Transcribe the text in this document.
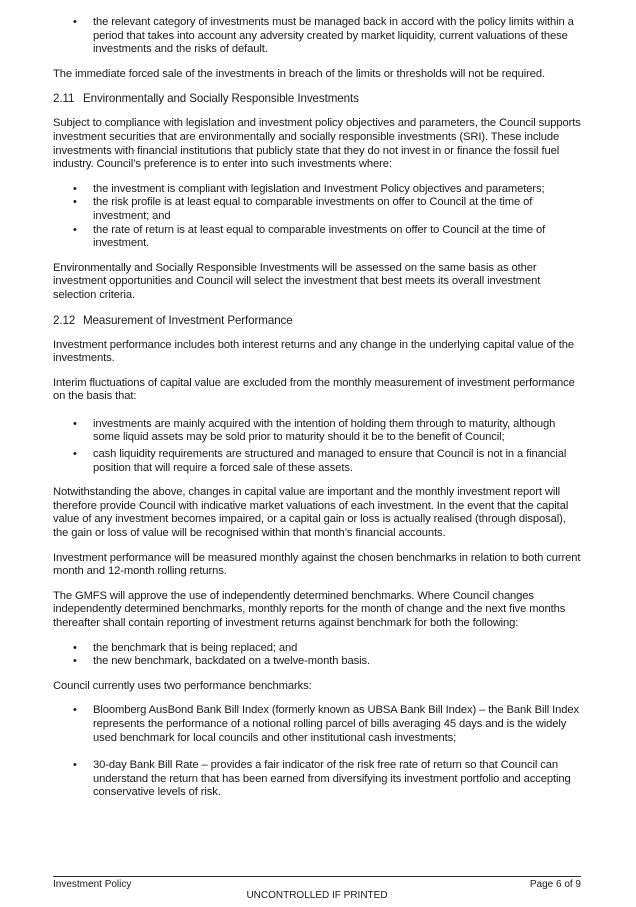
• the relevant category of investments must be managed back in accord with the policy limits within a period that takes into account any adversity created by market liquidity, current valuations of these investments and the risks of default.

The immediate forced sale of the investments in breach of the limits or thresholds will not be required.

2.11 Environmentally and Socially Responsible Investments

Subject to compliance with legislation and investment policy objectives and parameters, the Council supports investment securities that are environmentally and socially responsible investments (SRI). These include investments with financial institutions that publicly state that they do not invest in or finance the fossil fuel industry. Council’s preference is to enter into such investments where:

• the investment is compliant with legislation and Investment Policy objectives and parameters;
• the risk profile is at least equal to comparable investments on offer to Council at the time of investment; and
• the rate of return is at least equal to comparable investments on offer to Council at the time of investment.

Environmentally and Socially Responsible Investments will be assessed on the same basis as other investment opportunities and Council will select the investment that best meets its overall investment selection criteria.

2.12 Measurement of Investment Performance

Investment performance includes both interest returns and any change in the underlying capital value of the investments.

Interim fluctuations of capital value are excluded from the monthly measurement of investment performance on the basis that:

• investments are mainly acquired with the intention of holding them through to maturity, although some liquid assets may be sold prior to maturity should it be to the benefit of Council;
• cash liquidity requirements are structured and managed to ensure that Council is not in a financial position that will require a forced sale of these assets.

Notwithstanding the above, changes in capital value are important and the monthly investment report will therefore provide Council with indicative market valuations of each investment. In the event that the capital value of any investment becomes impaired, or a capital gain or loss is actually realised (through disposal), the gain or loss of value will be recognised within that month’s financial accounts.

Investment performance will be measured monthly against the chosen benchmarks in relation to both current month and 12-month rolling returns.

The GMFS will approve the use of independently determined benchmarks. Where Council changes independently determined benchmarks, monthly reports for the month of change and the next five months thereafter shall contain reporting of investment returns against benchmark for both the following:

• the benchmark that is being replaced; and
• the new benchmark, backdated on a twelve-month basis.

Council currently uses two performance benchmarks:

• Bloomberg AusBond Bank Bill Index (formerly known as UBSA Bank Bill Index) – the Bank Bill Index represents the performance of a notional rolling parcel of bills averaging 45 days and is the widely used benchmark for local councils and other institutional cash investments;
• 30-day Bank Bill Rate – provides a fair indicator of the risk free rate of return so that Council can understand the return that has been earned from diversifying its investment portfolio and accepting conservative levels of risk.
Investment Policy	Page 6 of 9
UNCONTROLLED IF PRINTED
